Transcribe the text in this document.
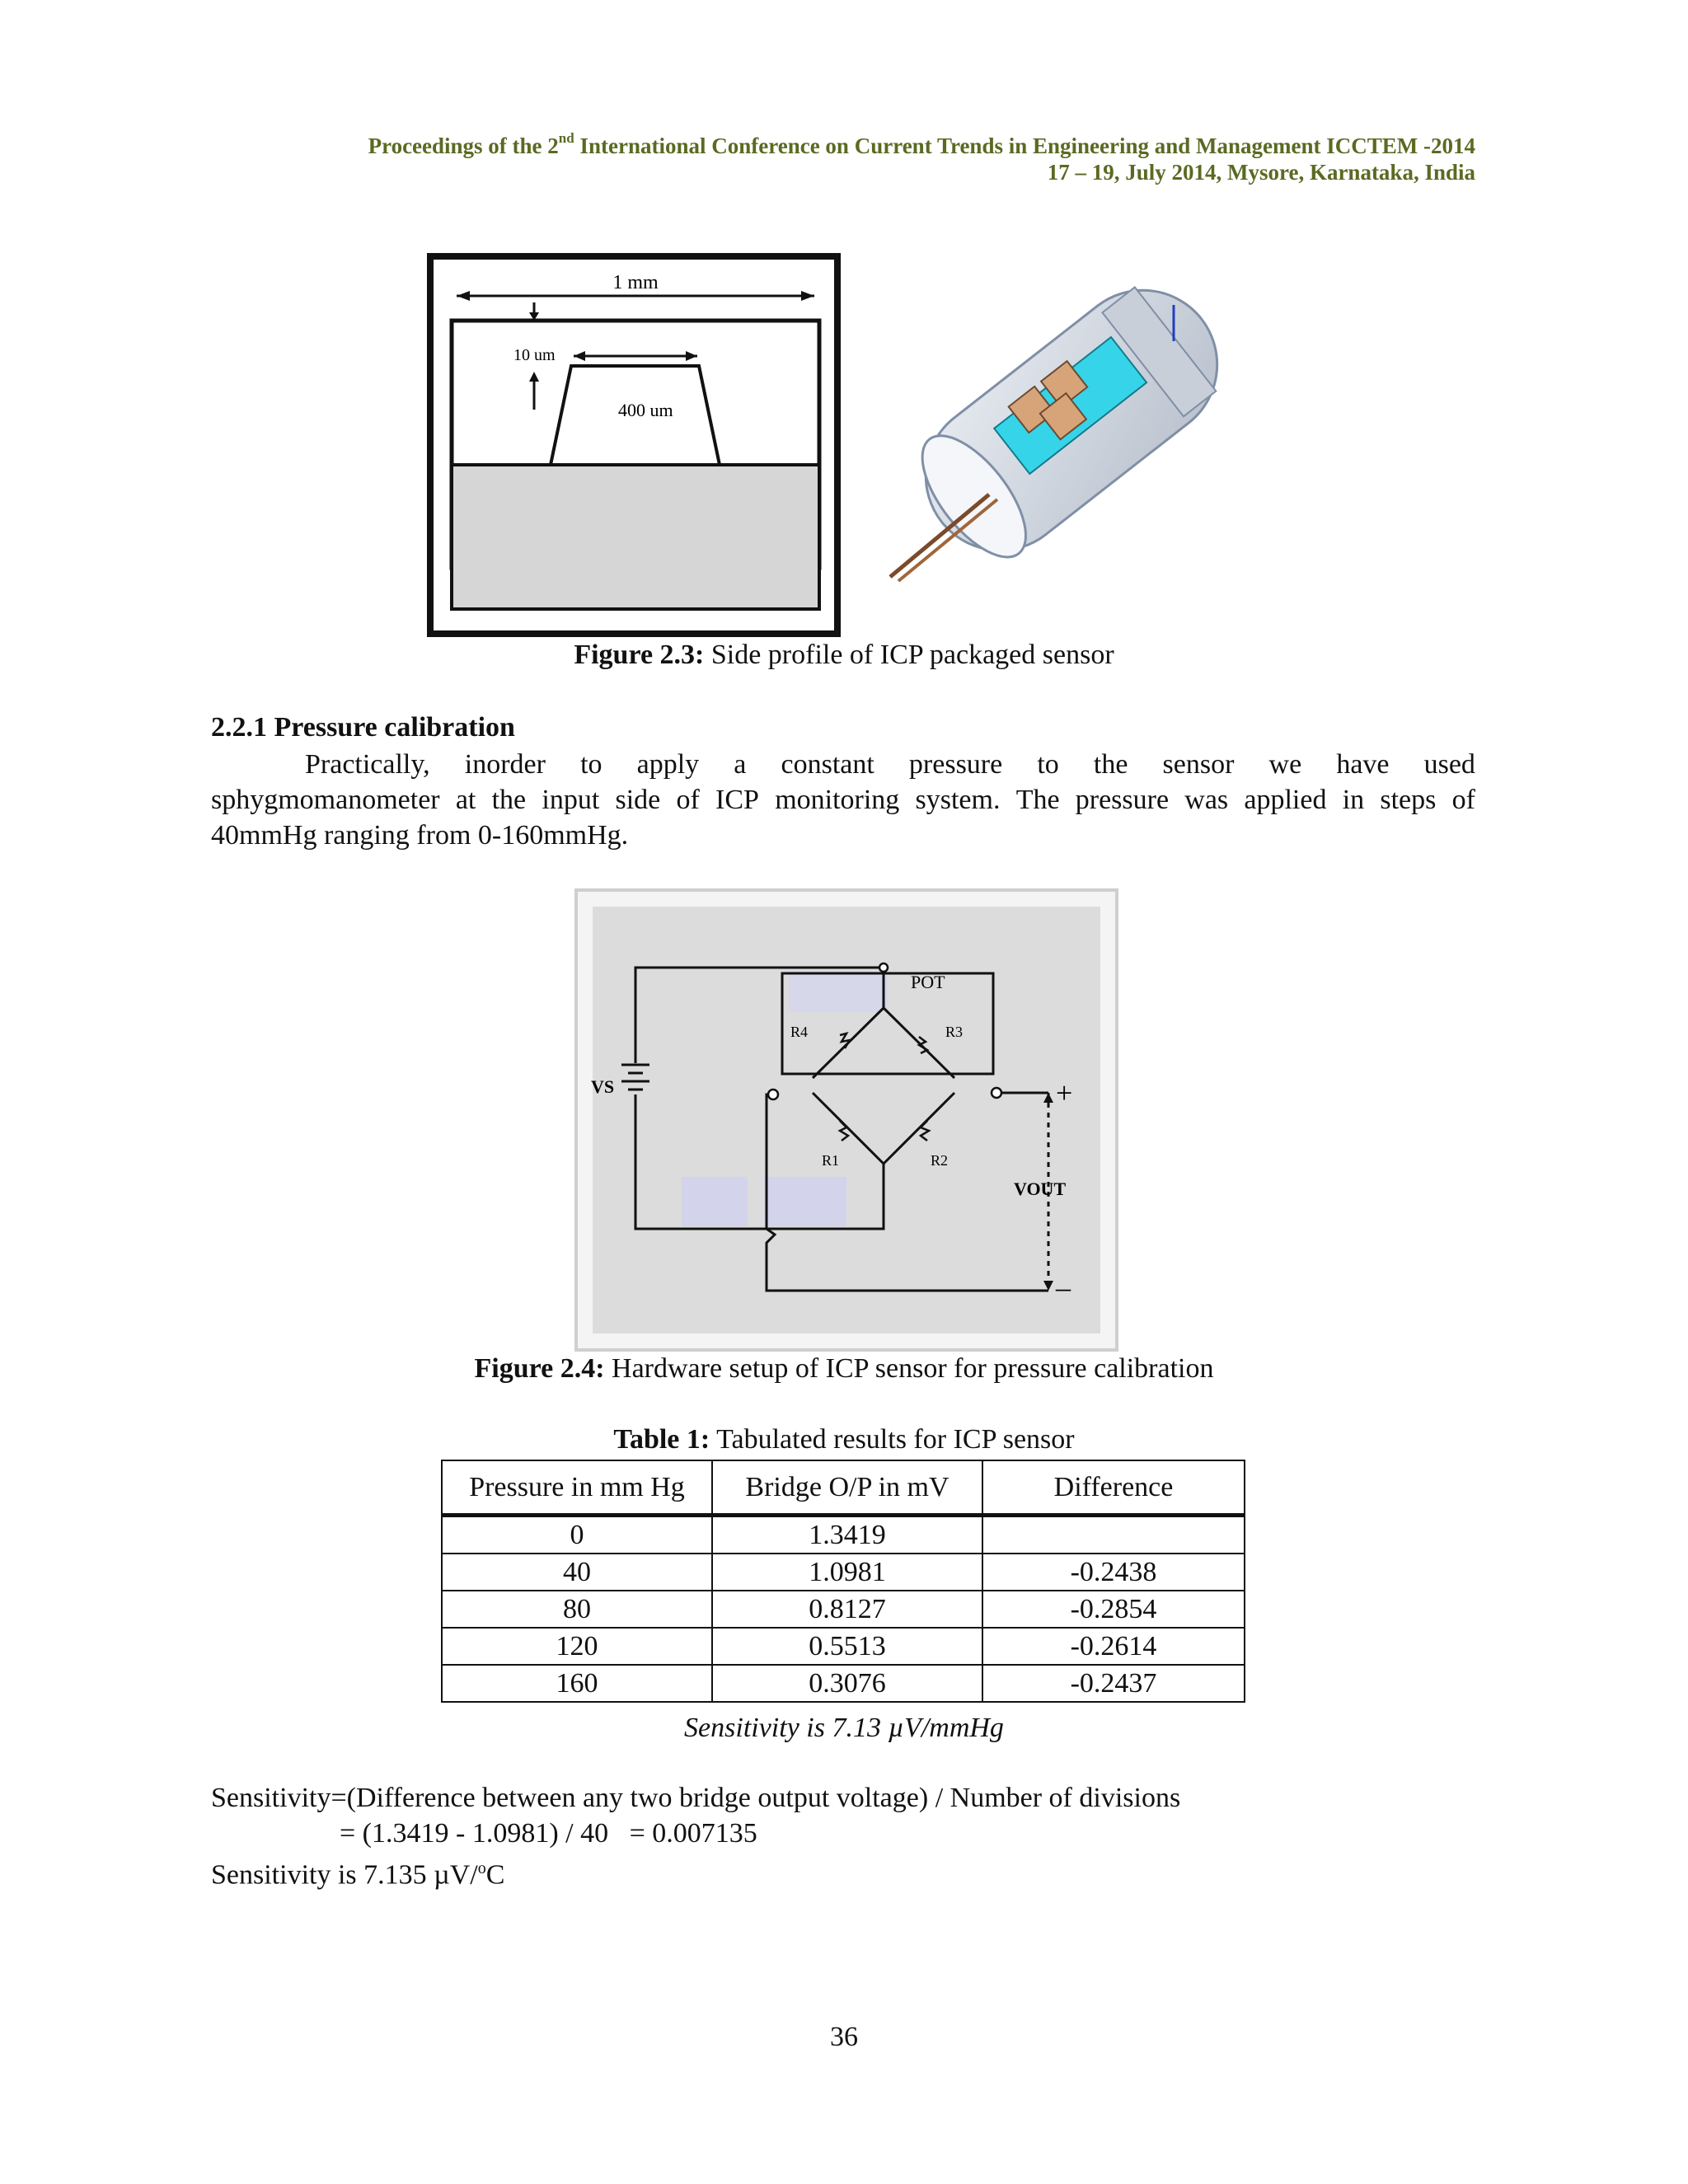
Proceedings of the 2nd International Conference on Current Trends in Engineering and Management ICCTEM -2014
17 – 19, July 2014, Mysore, Karnataka, India
1 mm
10 um
400 um
Figure 2.3: Side profile of ICP packaged sensor
2.2.1 Pressure calibration
Practically, inorder to apply a constant pressure to the sensor we have used
sphygmomanometer at the input side of ICP monitoring system. The pressure was applied in steps of
40mmHg ranging from 0-160mmHg.
POT
R4	R3
R1	R2
VS
VOUT
+
–
Figure 2.4: Hardware setup of ICP sensor for pressure calibration
Table 1: Tabulated results for ICP sensor
Pressure in mm Hg	Bridge O/P in mV	Difference
0	1.3419	
40	1.0981	-0.2438
80	0.8127	-0.2854
120	0.5513	-0.2614
160	0.3076	-0.2437
Sensitivity is 7.13 µV/mmHg
Sensitivity=(Difference between any two bridge output voltage) / Number of divisions
= (1.3419 - 1.0981) / 40   = 0.007135
Sensitivity is 7.135 µV/$^o$C
36
